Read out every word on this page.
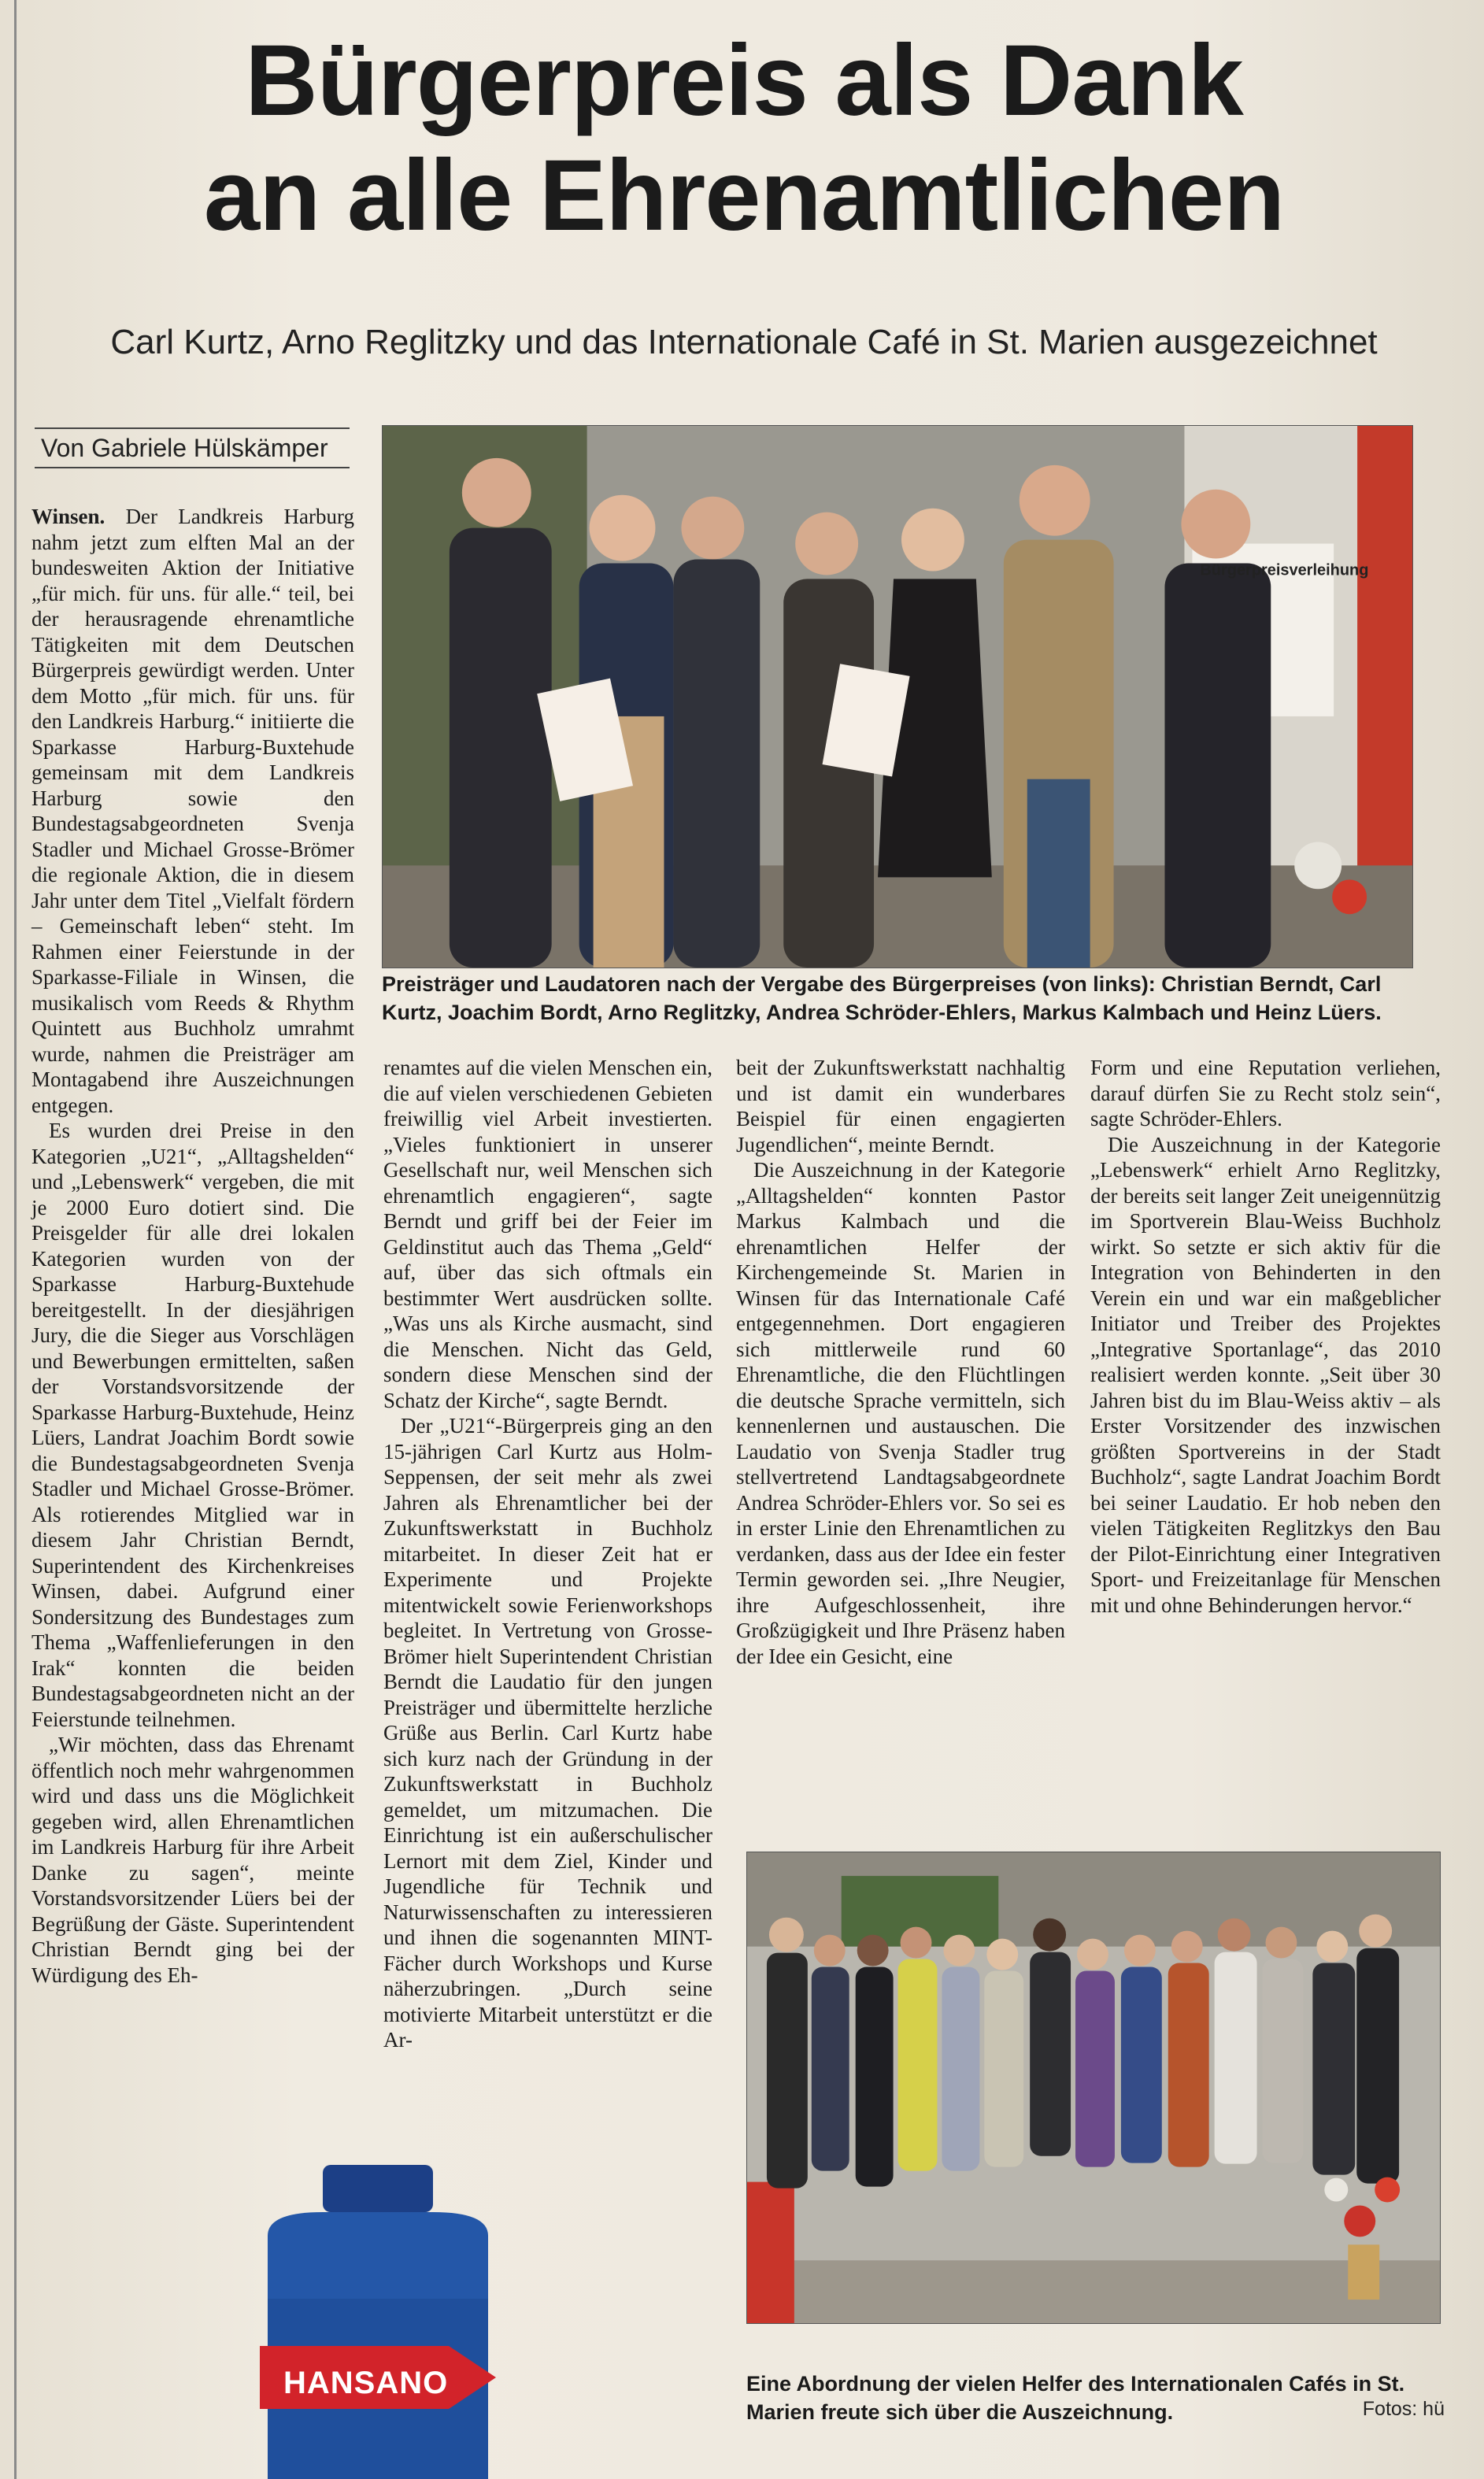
Bürgerpreis als Dank
an alle Ehrenamtlichen
Carl Kurtz, Arno Reglitzky und das Internationale Café in St. Marien ausgezeichnet
Von Gabriele Hülskämper
Bürgerpreisverleihung
Preisträger und Laudatoren nach der Vergabe des Bürgerpreises (von links): Christian Berndt, Carl Kurtz, Joachim Bordt, Arno Reglitzky, Andrea Schröder-Ehlers, Markus Kalmbach und Heinz Lüers.

Winsen. Der Landkreis Harburg nahm jetzt zum elften Mal an der bundesweiten Aktion der Initiative „für mich. für uns. für alle.“ teil, bei der herausragende ehrenamtliche Tätigkeiten mit dem Deutschen Bürgerpreis gewürdigt werden. Unter dem Motto „für mich. für uns. für den Landkreis Harburg.“ initiierte die Sparkasse Harburg-Buxtehude gemeinsam mit dem Landkreis Harburg sowie den Bundestagsabgeordneten Svenja Stadler und Michael Grosse-Brömer die regionale Aktion, die in diesem Jahr unter dem Titel „Vielfalt fördern – Gemeinschaft leben“ steht. Im Rahmen einer Feierstunde in der Sparkasse-Filiale in Winsen, die musikalisch vom Reeds & Rhythm Quintett aus Buchholz umrahmt wurde, nahmen die Preisträger am Montagabend ihre Auszeichnungen entgegen.

Es wurden drei Preise in den Kategorien „U21“, „Alltagshelden“ und „Lebenswerk“ vergeben, die mit je 2000 Euro dotiert sind. Die Preisgelder für alle drei lokalen Kategorien wurden von der Sparkasse Harburg-Buxtehude bereitgestellt. In der diesjährigen Jury, die die Sieger aus Vorschlägen und Bewerbungen ermittelten, saßen der Vorstandsvorsitzende der Sparkasse Harburg-Buxtehude, Heinz Lüers, Landrat Joachim Bordt sowie die Bundestagsabgeordneten Svenja Stadler und Michael Grosse-Brömer. Als rotierendes Mitglied war in diesem Jahr Christian Berndt, Superintendent des Kirchenkreises Winsen, dabei. Aufgrund einer Sondersitzung des Bundestages zum Thema „Waffenlieferungen in den Irak“ konnten die beiden Bundestagsabgeordneten nicht an der Feierstunde teilnehmen.

„Wir möchten, dass das Ehrenamt öffentlich noch mehr wahrgenommen wird und dass uns die Möglichkeit gegeben wird, allen Ehrenamtlichen im Landkreis Harburg für ihre Arbeit Danke zu sagen“, meinte Vorstandsvorsitzender Lüers bei der Begrüßung der Gäste. Superintendent Christian Berndt ging bei der Würdigung des Eh-

renamtes auf die vielen Menschen ein, die auf vielen verschiedenen Gebieten freiwillig viel Arbeit investierten. „Vieles funktioniert in unserer Gesellschaft nur, weil Menschen sich ehrenamtlich engagieren“, sagte Berndt und griff bei der Feier im Geldinstitut auch das Thema „Geld“ auf, über das sich oftmals ein bestimmter Wert ausdrücken sollte. „Was uns als Kirche ausmacht, sind die Menschen. Nicht das Geld, sondern diese Menschen sind der Schatz der Kirche“, sagte Berndt.

Der „U21“-Bürgerpreis ging an den 15-jährigen Carl Kurtz aus Holm-Seppensen, der seit mehr als zwei Jahren als Ehrenamtlicher bei der Zukunftswerkstatt in Buchholz mitarbeitet. In dieser Zeit hat er Experimente und Projekte mitentwickelt sowie Ferienworkshops begleitet. In Vertretung von Grosse-Brömer hielt Superintendent Christian Berndt die Laudatio für den jungen Preisträger und übermittelte herzliche Grüße aus Berlin. Carl Kurtz habe sich kurz nach der Gründung in der Zukunftswerkstatt in Buchholz gemeldet, um mitzumachen. Die Einrichtung ist ein außerschulischer Lernort mit dem Ziel, Kinder und Jugendliche für Technik und Naturwissenschaften zu interessieren und ihnen die sogenannten MINT-Fächer durch Workshops und Kurse näherzubringen. „Durch seine motivierte Mitarbeit unterstützt er die Ar-

beit der Zukunftswerkstatt nachhaltig und ist damit ein wunderbares Beispiel für einen engagierten Jugendlichen“, meinte Berndt.

Die Auszeichnung in der Kategorie „Alltagshelden“ konnten Pastor Markus Kalmbach und die ehrenamtlichen Helfer der Kirchengemeinde St. Marien in Winsen für das Internationale Café entgegennehmen. Dort engagieren sich mittlerweile rund 60 Ehrenamtliche, die den Flüchtlingen die deutsche Sprache vermitteln, sich kennenlernen und austauschen. Die Laudatio von Svenja Stadler trug stellvertretend Landtagsabgeordnete Andrea Schröder-Ehlers vor. So sei es in erster Linie den Ehrenamtlichen zu verdanken, dass aus der Idee ein fester Termin geworden sei. „Ihre Neugier, ihre Aufgeschlossenheit, ihre Großzügigkeit und Ihre Präsenz haben der Idee ein Gesicht, eine

Form und eine Reputation verliehen, darauf dürfen Sie zu Recht stolz sein“, sagte Schröder-Ehlers.

Die Auszeichnung in der Kategorie „Lebenswerk“ erhielt Arno Reglitzky, der bereits seit langer Zeit uneigennützig im Sportverein Blau-Weiss Buchholz wirkt. So setzte er sich aktiv für die Integration von Behinderten in den Verein ein und war ein maßgeblicher Initiator und Treiber des Projektes „Integrative Sportanlage“, das 2010 realisiert werden konnte. „Seit über 30 Jahren bist du im Blau-Weiss aktiv – als Erster Vorsitzender des inzwischen größten Sportvereins in der Stadt Buchholz“, sagte Landrat Joachim Bordt bei seiner Laudatio. Er hob neben den vielen Tätigkeiten Reglitzkys den Bau der Pilot-Einrichtung einer Integrativen Sport- und Freizeitanlage für Menschen mit und ohne Behinderungen hervor.“

Eine Abordnung der vielen Helfer des Internationalen Cafés in St. Marien freute sich über die Auszeichnung.	Fotos: hü
HANSANO
